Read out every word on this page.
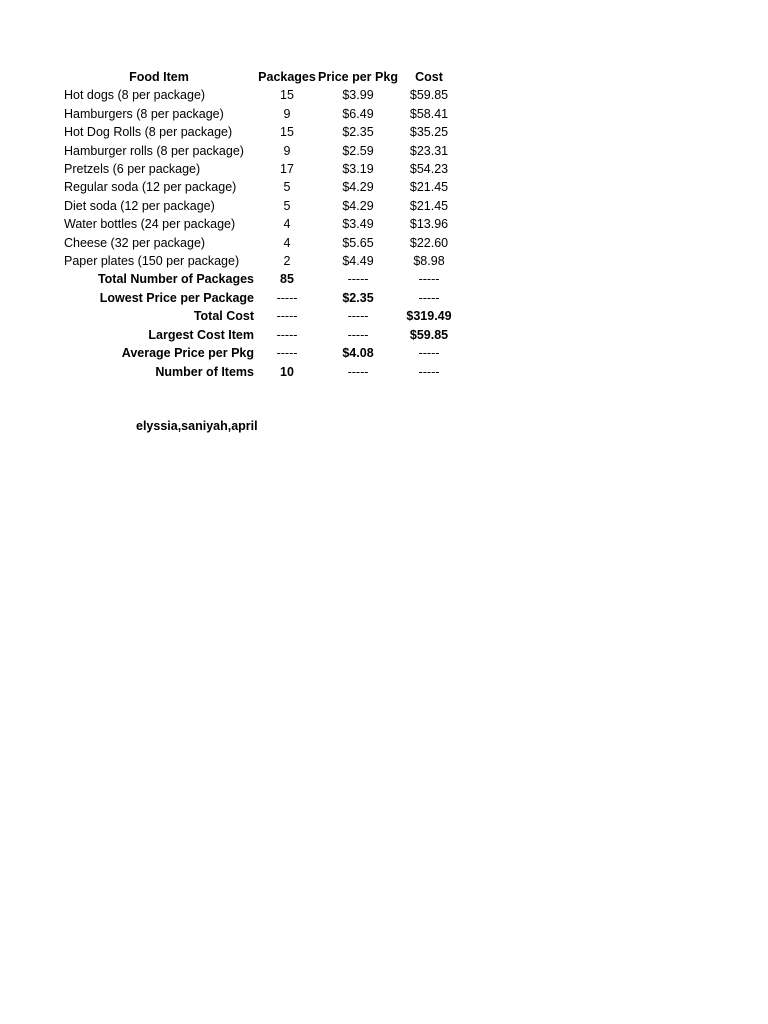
Food Item	Packages	Price per Pkg	Cost
Hot dogs (8 per package)	15	$3.99	$59.85
Hamburgers (8 per package)	9	$6.49	$58.41
Hot Dog Rolls (8 per package)	15	$2.35	$35.25
Hamburger rolls (8 per package)	9	$2.59	$23.31
Pretzels (6 per package)	17	$3.19	$54.23
Regular soda (12 per package)	5	$4.29	$21.45
Diet soda (12 per package)	5	$4.29	$21.45
Water bottles (24 per package)	4	$3.49	$13.96
Cheese (32 per package)	4	$5.65	$22.60
Paper plates (150 per package)	2	$4.49	$8.98
Total Number of Packages	85	-----	-----
Lowest Price per Package	-----	$2.35	-----
Total Cost	-----	-----	$319.49
Largest Cost Item	-----	-----	$59.85
Average Price per Pkg	-----	$4.08	-----
Number of Items	10	-----	-----
elyssia,saniyah,april
